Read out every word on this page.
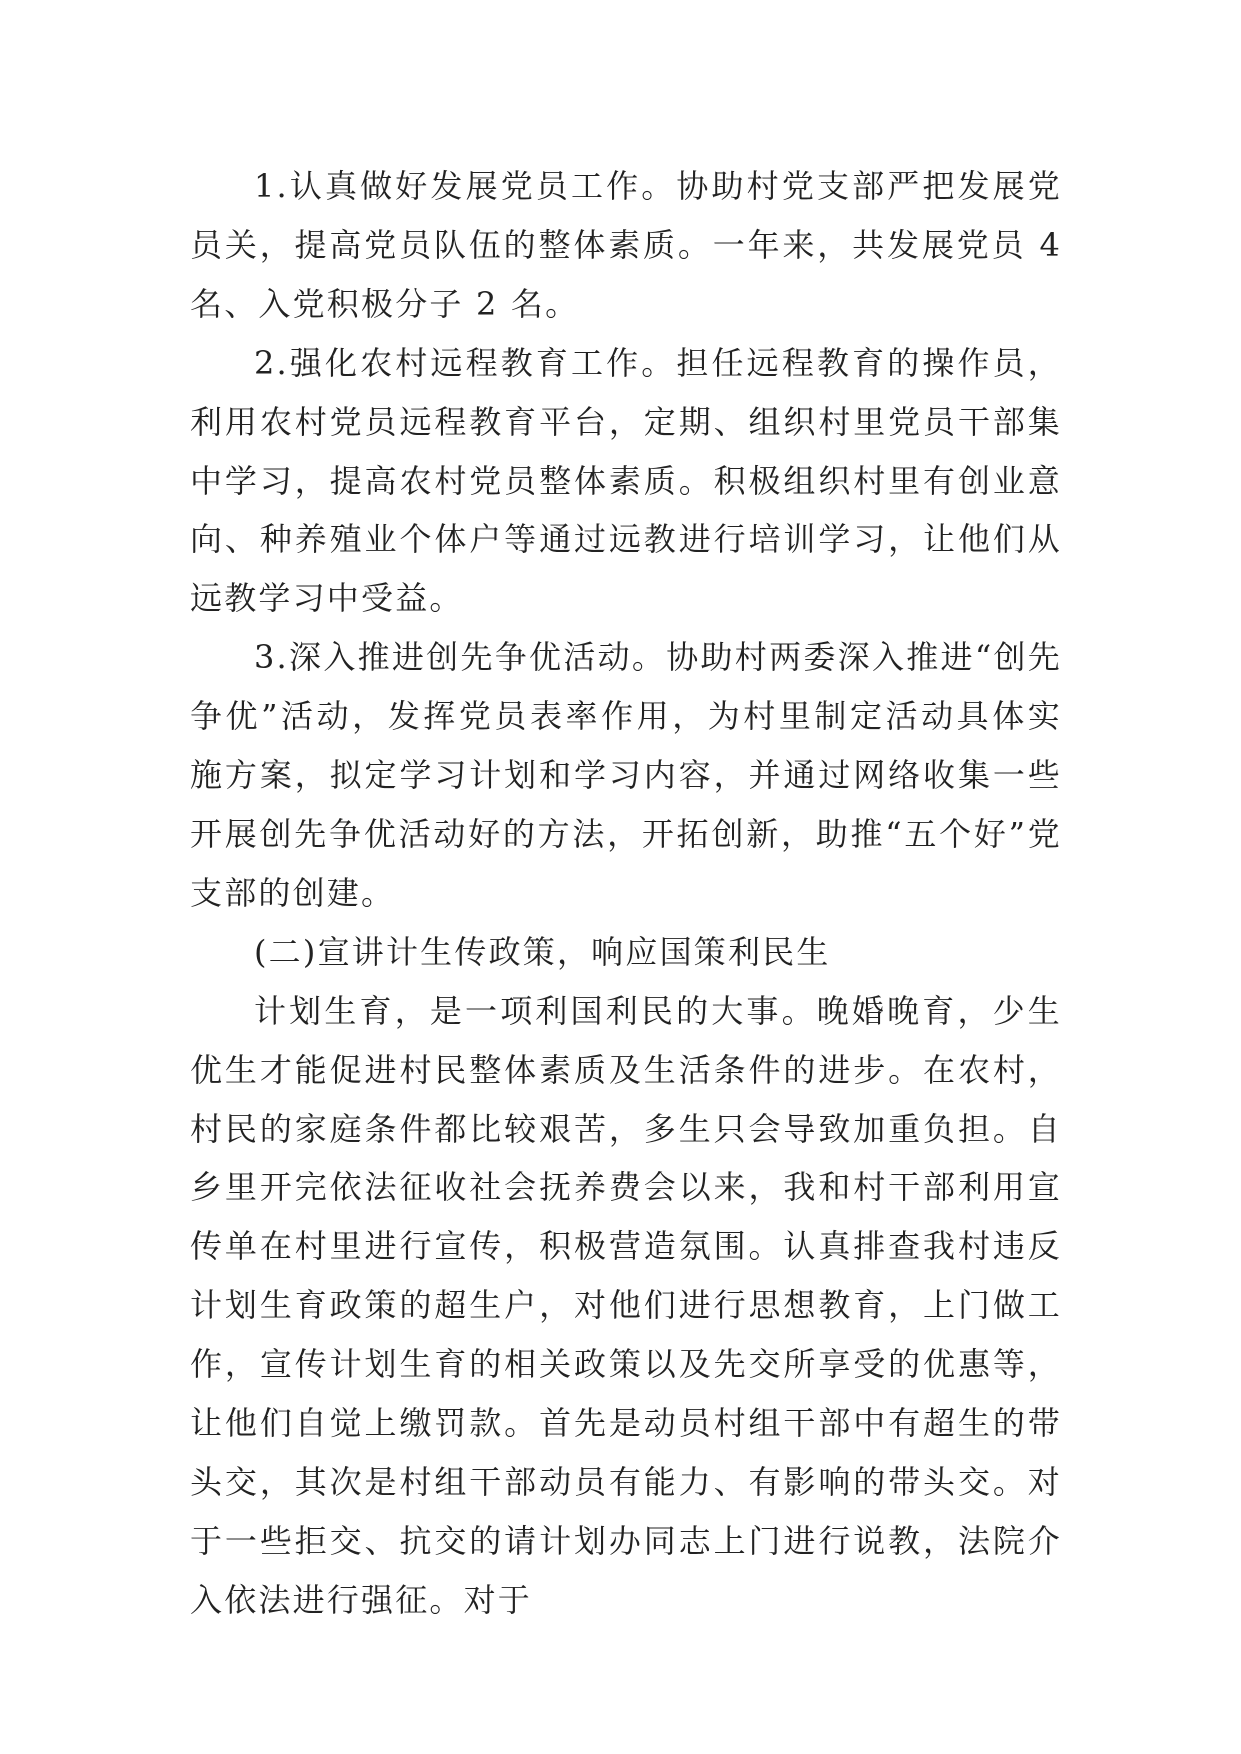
1.认真做好发展党员工作。协助村党支部严把发展党员关，提高党员队伍的整体素质。一年来，共发展党员 4 名、入党积极分子 2 名。

2.强化农村远程教育工作。担任远程教育的操作员，利用农村党员远程教育平台，定期、组织村里党员干部集中学习，提高农村党员整体素质。积极组织村里有创业意向、种养殖业个体户等通过远教进行培训学习，让他们从远教学习中受益。

3.深入推进创先争优活动。协助村两委深入推进“创先争优”活动，发挥党员表率作用，为村里制定活动具体实施方案，拟定学习计划和学习内容，并通过网络收集一些开展创先争优活动好的方法，开拓创新，助推“五个好”党支部的创建。

(二)宣讲计生传政策，响应国策利民生

计划生育，是一项利国利民的大事。晚婚晚育，少生优生才能促进村民整体素质及生活条件的进步。在农村，村民的家庭条件都比较艰苦，多生只会导致加重负担。自乡里开完依法征收社会抚养费会以来，我和村干部利用宣传单在村里进行宣传，积极营造氛围。认真排查我村违反计划生育政策的超生户，对他们进行思想教育，上门做工作，宣传计划生育的相关政策以及先交所享受的优惠等，让他们自觉上缴罚款。首先是动员村组干部中有超生的带头交，其次是村组干部动员有能力、有影响的带头交。对于一些拒交、抗交的请计划办同志上门进行说教，法院介入依法进行强征。对于
